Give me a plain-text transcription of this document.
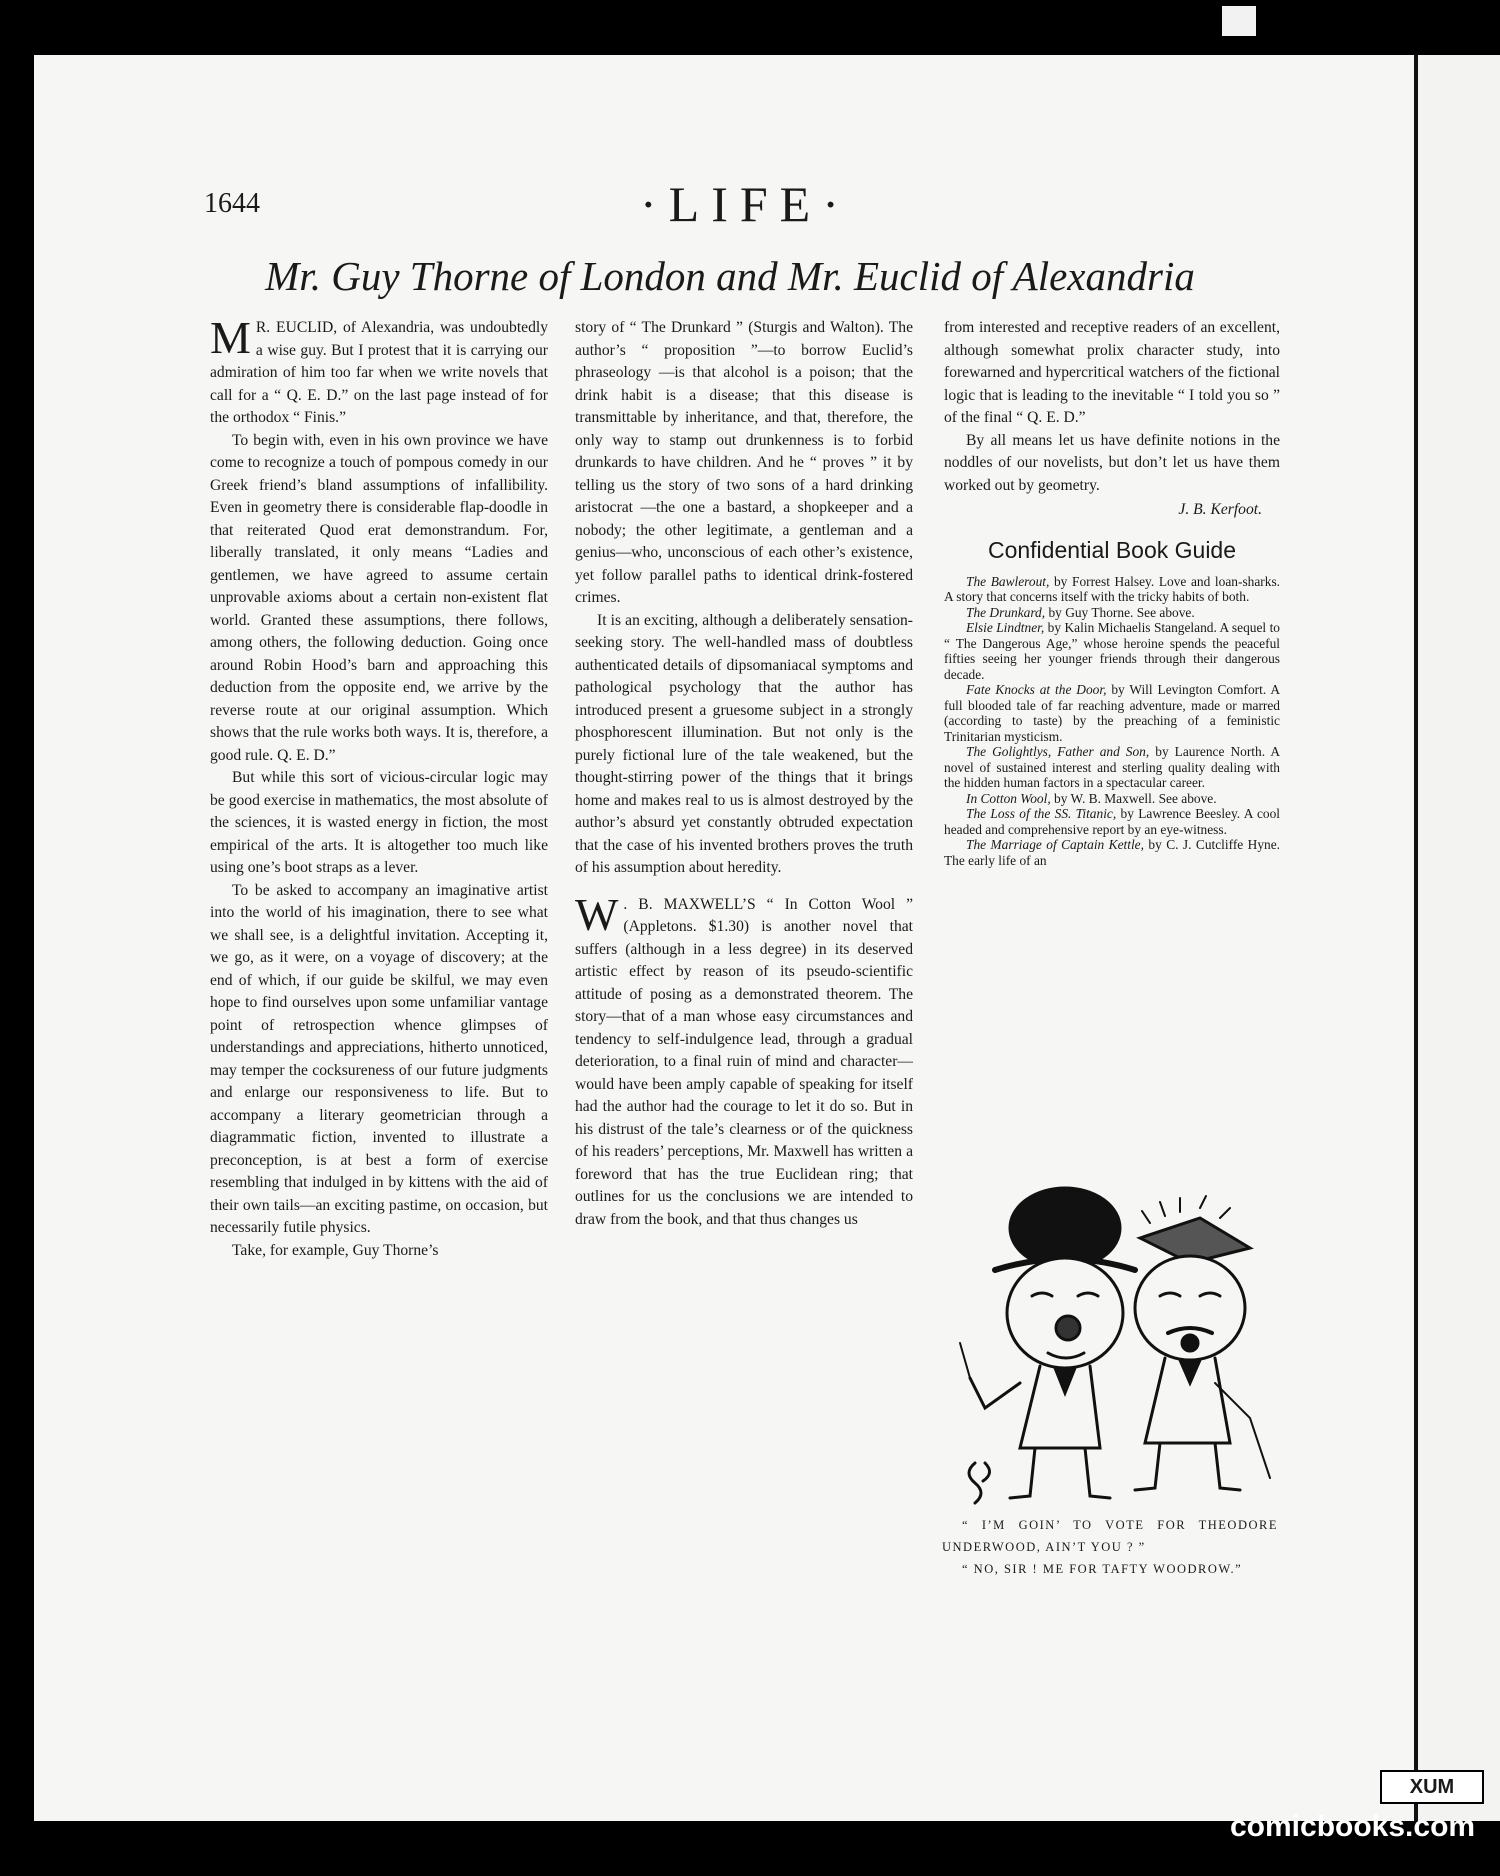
1644	·LIFE·
Mr. Guy Thorne of London and Mr. Euclid of Alexandria

M R. EUCLID, of Alexandria, was undoubtedly a wise guy. But I protest that it is carrying our admiration of him too far when we write novels that call for a “ Q. E. D.” on the last page instead of for the orthodox “ Finis.”

To begin with, even in his own province we have come to recognize a touch of pompous comedy in our Greek friend’s bland assumptions of infallibility. Even in geometry there is considerable flap-doodle in that reiterated Quod erat demonstrandum. For, liberally translated, it only means “Ladies and gentlemen, we have agreed to assume certain unprovable axioms about a certain non-existent flat world. Granted these assumptions, there follows, among others, the following deduction. Going once around Robin Hood’s barn and approaching this deduction from the opposite end, we arrive by the reverse route at our original assumption. Which shows that the rule works both ways. It is, therefore, a good rule. Q. E. D.”

But while this sort of vicious-circular logic may be good exercise in mathematics, the most absolute of the sciences, it is wasted energy in fiction, the most empirical of the arts. It is altogether too much like using one’s boot straps as a lever.

To be asked to accompany an imaginative artist into the world of his imagination, there to see what we shall see, is a delightful invitation. Accepting it, we go, as it were, on a voyage of discovery; at the end of which, if our guide be skilful, we may even hope to find ourselves upon some unfamiliar vantage point of retrospection whence glimpses of understandings and appreciations, hitherto unnoticed, may temper the cocksureness of our future judgments and enlarge our responsiveness to life. But to accompany a literary geometrician through a diagrammatic fiction, invented to illustrate a preconception, is at best a form of exercise resembling that indulged in by kittens with the aid of their own tails—an exciting pastime, on occasion, but necessarily futile physics.

Take, for example, Guy Thorne’s

story of “ The Drunkard ” (Sturgis and Walton). The author’s “ proposition ”—to borrow Euclid’s phraseology —is that alcohol is a poison; that the drink habit is a disease; that this disease is transmittable by inheritance, and that, therefore, the only way to stamp out drunkenness is to forbid drunkards to have children. And he “ proves ” it by telling us the story of two sons of a hard drinking aristocrat —the one a bastard, a shopkeeper and a nobody; the other legitimate, a gentleman and a genius—who, unconscious of each other’s existence, yet follow parallel paths to identical drink-fostered crimes.

It is an exciting, although a deliberately sensation-seeking story. The well-handled mass of doubtless authenticated details of dipsomaniacal symptoms and pathological psychology that the author has introduced present a gruesome subject in a strongly phosphorescent illumination. But not only is the purely fictional lure of the tale weakened, but the thought-stirring power of the things that it brings home and makes real to us is almost destroyed by the author’s absurd yet constantly obtruded expectation that the case of his invented brothers proves the truth of his assumption about heredity.

W . B. MAXWELL’S “ In Cotton Wool ” (Appletons. $1.30) is another novel that suffers (although in a less degree) in its deserved artistic effect by reason of its pseudo-scientific attitude of posing as a demonstrated theorem. The story—that of a man whose easy circumstances and tendency to self-indulgence lead, through a gradual deterioration, to a final ruin of mind and character—would have been amply capable of speaking for itself had the author had the courage to let it do so. But in his distrust of the tale’s clearness or of the quickness of his readers’ perceptions, Mr. Maxwell has written a foreword that has the true Euclidean ring; that outlines for us the conclusions we are intended to draw from the book, and that thus changes us

from interested and receptive readers of an excellent, although somewhat prolix character study, into forewarned and hypercritical watchers of the fictional logic that is leading to the inevitable “ I told you so ” of the final “ Q. E. D.”

By all means let us have definite notions in the noddles of our novelists, but don’t let us have them worked out by geometry.

J. B. Kerfoot.

Confidential Book Guide

The Bawlerout, by Forrest Halsey. Love and loan-sharks. A story that concerns itself with the tricky habits of both.

The Drunkard, by Guy Thorne. See above.

Elsie Lindtner, by Kalin Michaelis Stangeland. A sequel to “ The Dangerous Age,” whose heroine spends the peaceful fifties seeing her younger friends through their dangerous decade.

Fate Knocks at the Door, by Will Levington Comfort. A full blooded tale of far reaching adventure, made or marred (according to taste) by the preaching of a feministic Trinitarian mysticism.

The Golightlys, Father and Son, by Laurence North. A novel of sustained interest and sterling quality dealing with the hidden human factors in a spectacular career.

In Cotton Wool, by W. B. Maxwell. See above.

The Loss of the SS. Titanic, by Lawrence Beesley. A cool headed and comprehensive report by an eye-witness.

The Marriage of Captain Kettle, by C. J. Cutcliffe Hyne. The early life of an

“ I’M GOIN’ TO VOTE FOR THEODORE UNDERWOOD, AIN’T YOU ? ”
“ NO, SIR ! ME FOR TAFTY WOODROW.”
XUM
comicbooks.com
